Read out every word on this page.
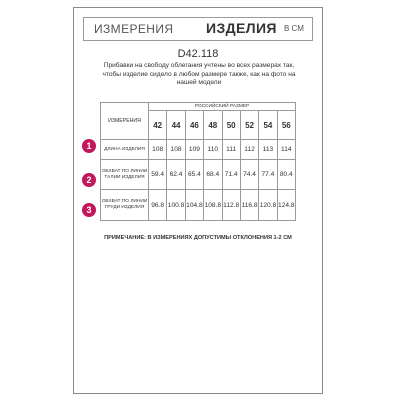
ИЗМЕРЕНИЯ ИЗДЕЛИЯ В СМ
D42.118
Прибавки на свободу облегания учтены во всех размерах так, чтобы изделие сидело в любом размере также, как на фото на нашей модели
1
2
3
ИЗМЕРЕНИЯ	РОССИЙСКИЙ РАЗМЕР							
	42	44	46	48	50	52	54	56
ДЛИНА ИЗДЕЛИЯ	108	108	109	110	111	112	113	114
ОБХВАТ ПО ЛИНИИ ТАЛИИ ИЗДЕЛИЯ	59.4	62.4	65.4	68.4	71.4	74.4	77.4	80.4
ОБХВАТ ПО ЛИНИИ ГРУДИ ИЗДЕЛИЯ	96.8	100.8	104.8	108.8	112.8	116.8	120.8	124.8
ПРИМЕЧАНИЕ: В ИЗМЕРЕНИЯХ ДОПУСТИМЫ ОТКЛОНЕНИЯ 1-2 СМ
